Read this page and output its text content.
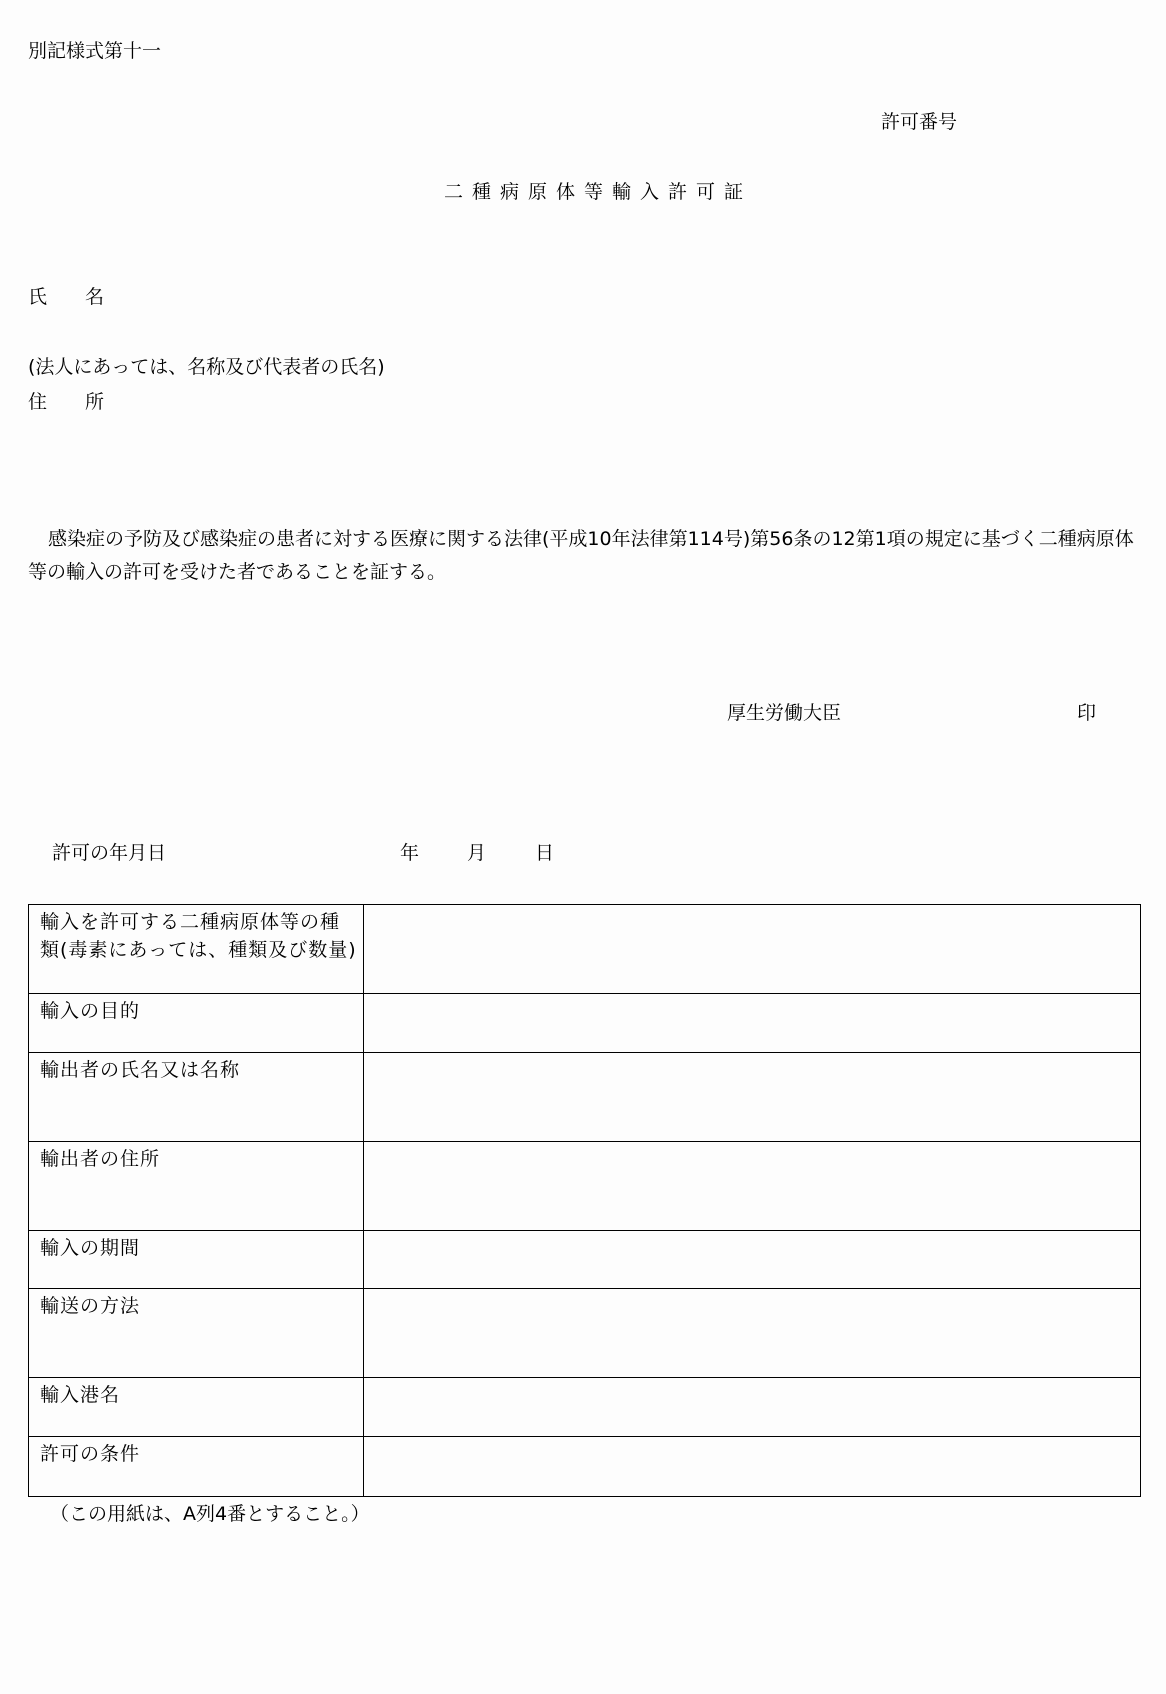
別記様式第十一
許可番号
二種病原体等輸入許可証
氏　　名
(法人にあっては、名称及び代表者の氏名)
住　　所
感染症の予防及び感染症の患者に対する医療に関する法律(平成10年法律第114号)第56条の12第1項の規定に基づく二種病原体等の輸入の許可を受けた者であることを証する。
厚生労働大臣	印
許可の年月日	年	月	日
輸入を許可する二種病原体等の種類(毒素にあっては、種類及び数量)	
輸入の目的	
輸出者の氏名又は名称	
輸出者の住所	
輸入の期間	
輸送の方法	
輸入港名	
許可の条件	
（この用紙は、A列4番とすること。）
